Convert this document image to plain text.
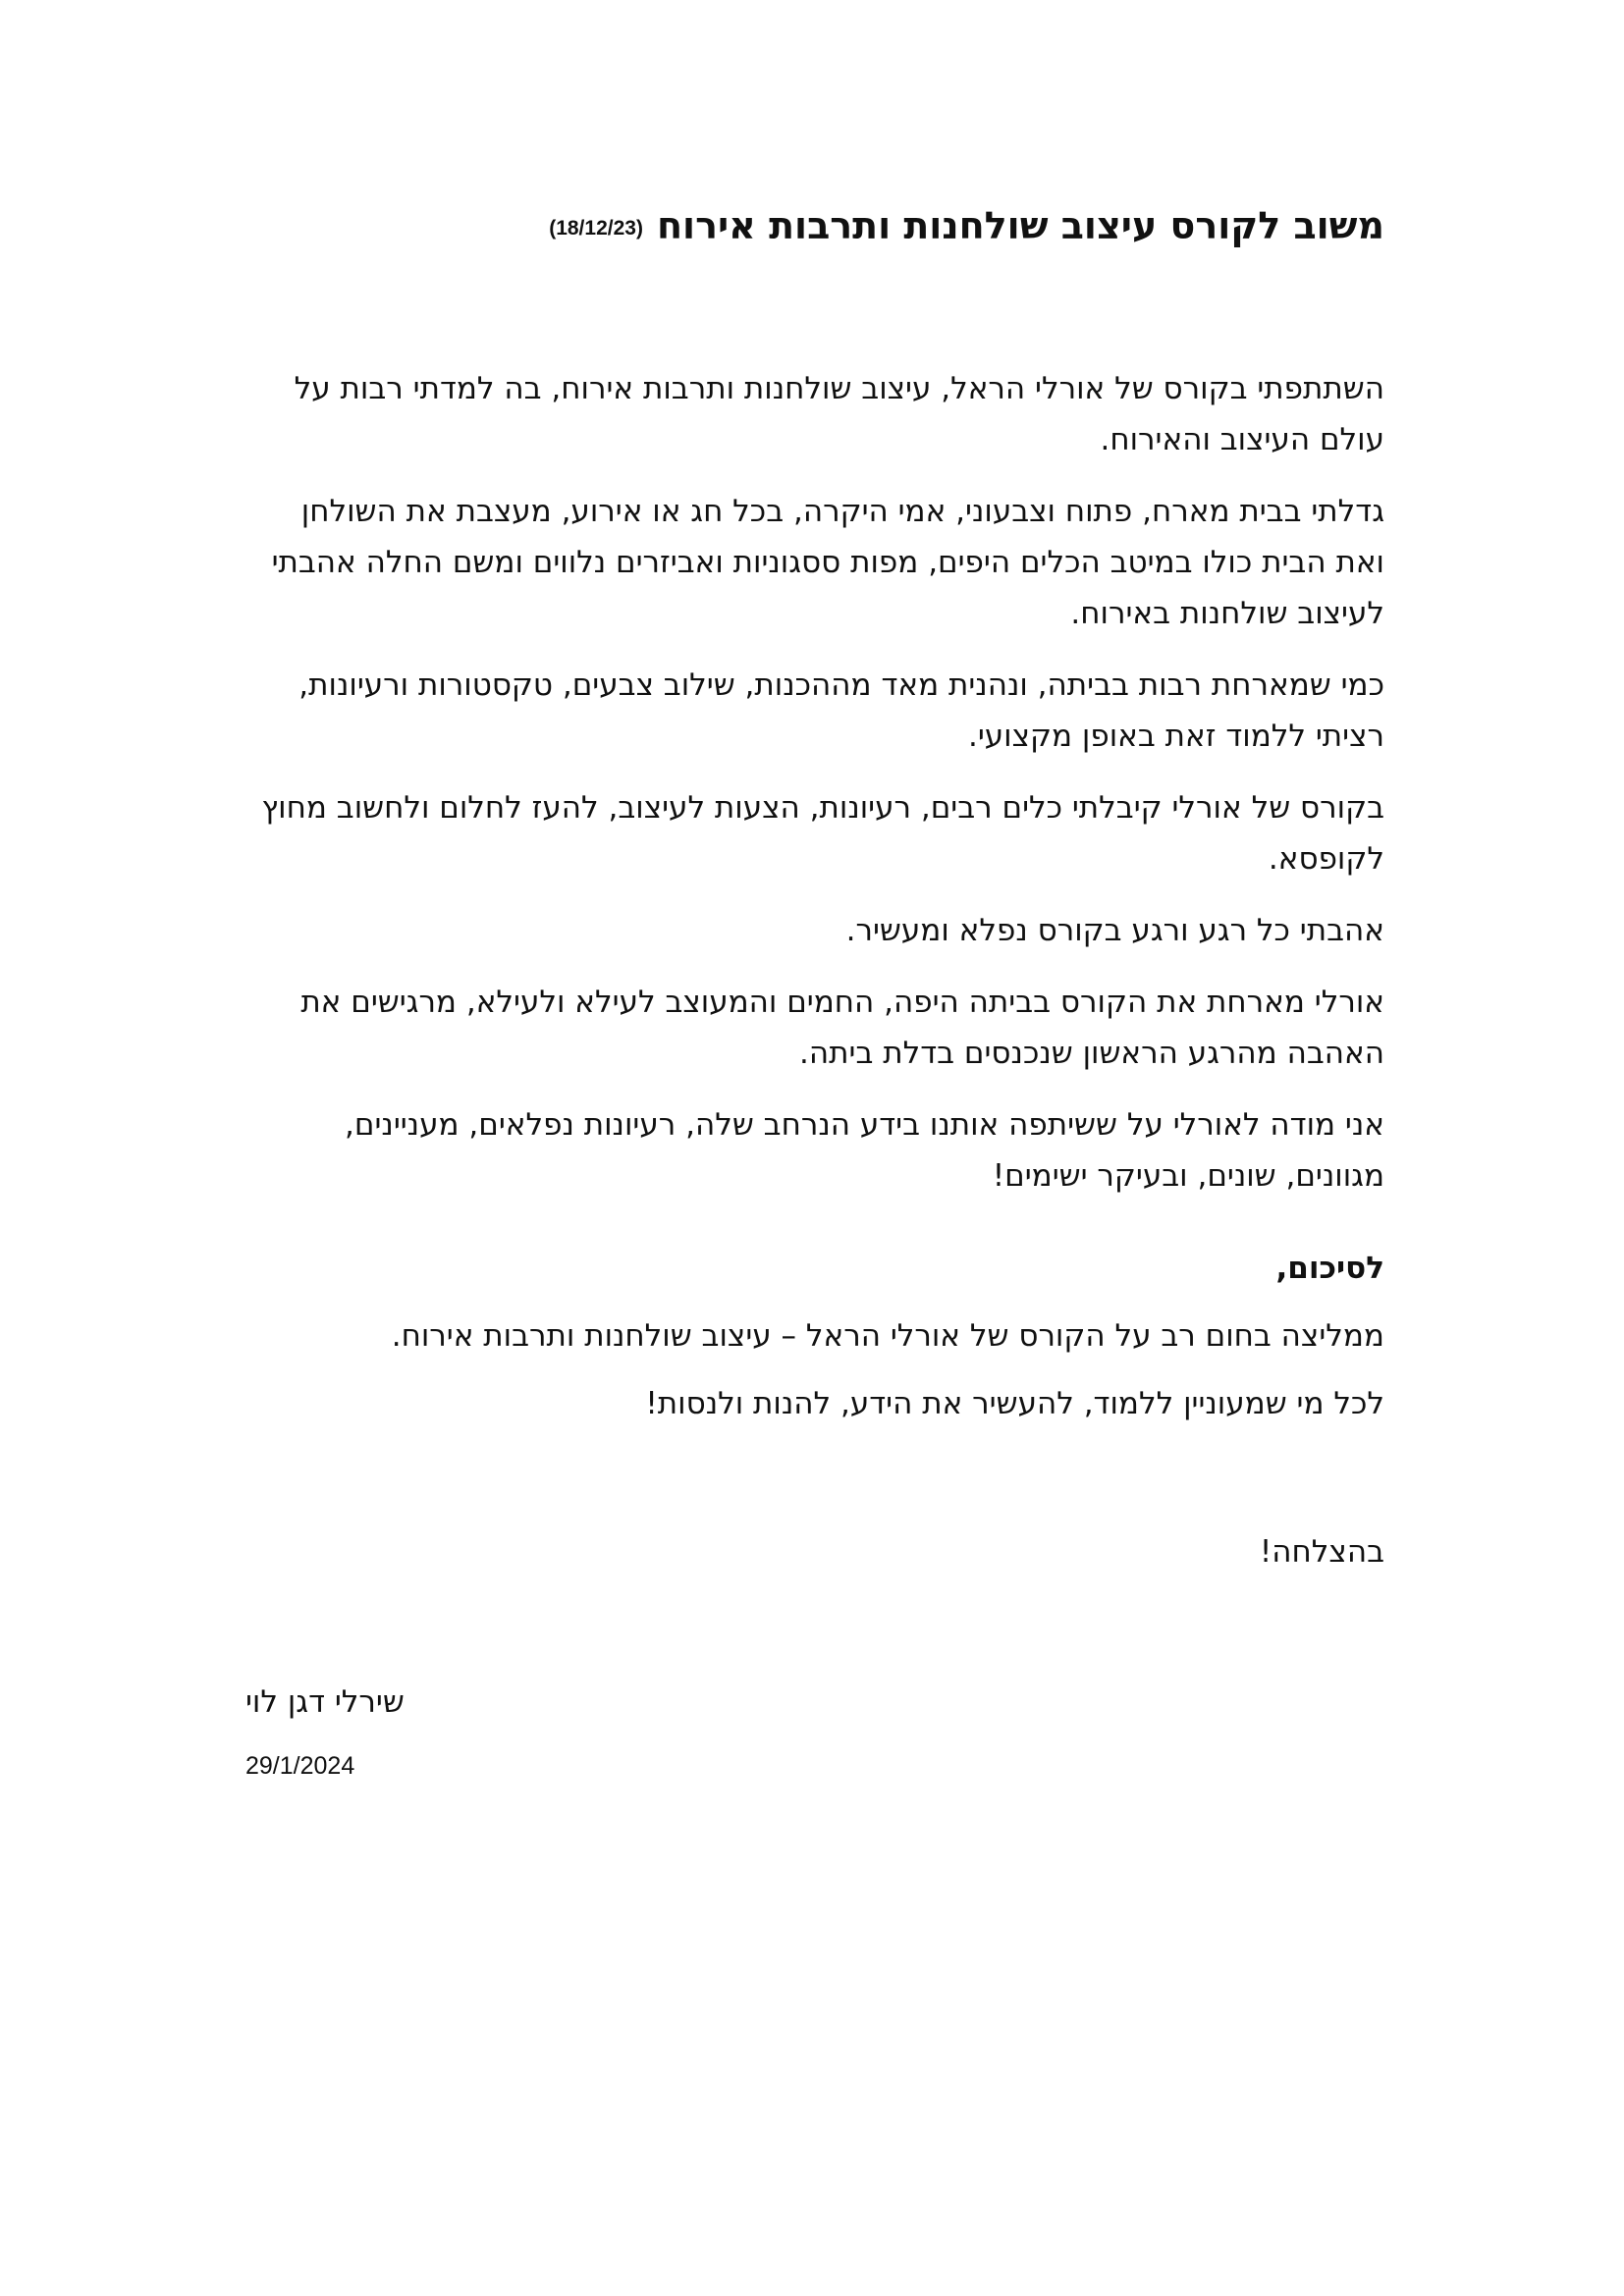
משוב לקורס עיצוב שולחנות ותרבות אירוח(18/12/23)

השתתפתי בקורס של אורלי הראל, עיצוב שולחנות ותרבות אירוח, בה למדתי רבות על עולם העיצוב והאירוח.

גדלתי בבית מארח, פתוח וצבעוני, אמי היקרה, בכל חג או אירוע, מעצבת את השולחן ואת הבית כולו במיטב הכלים היפים, מפות ססגוניות ואביזרים נלווים ומשם החלה אהבתי לעיצוב שולחנות באירוח.

כמי שמארחת רבות בביתה, ונהנית מאד מההכנות, שילוב צבעים, טקסטורות ורעיונות, רציתי ללמוד זאת באופן מקצועי.

בקורס של אורלי קיבלתי כלים רבים, רעיונות, הצעות לעיצוב, להעז לחלום ולחשוב מחוץ לקופסא.

אהבתי כל רגע ורגע בקורס נפלא ומעשיר.

אורלי מארחת את הקורס בביתה היפה, החמים והמעוצב לעילא ולעילא, מרגישים את האהבה מהרגע הראשון שנכנסים בדלת ביתה.

אני מודה לאורלי על ששיתפה אותנו בידע הנרחב שלה, רעיונות נפלאים, מעניינים, מגוונים, שונים, ובעיקר ישימים!

לסיכום,

ממליצה בחום רב על הקורס של אורלי הראל – עיצוב שולחנות ותרבות אירוח.

לכל מי שמעוניין ללמוד, להעשיר את הידע, להנות ולנסות!

בהצלחה!

שירלי דגן לוי

29/1/2024
